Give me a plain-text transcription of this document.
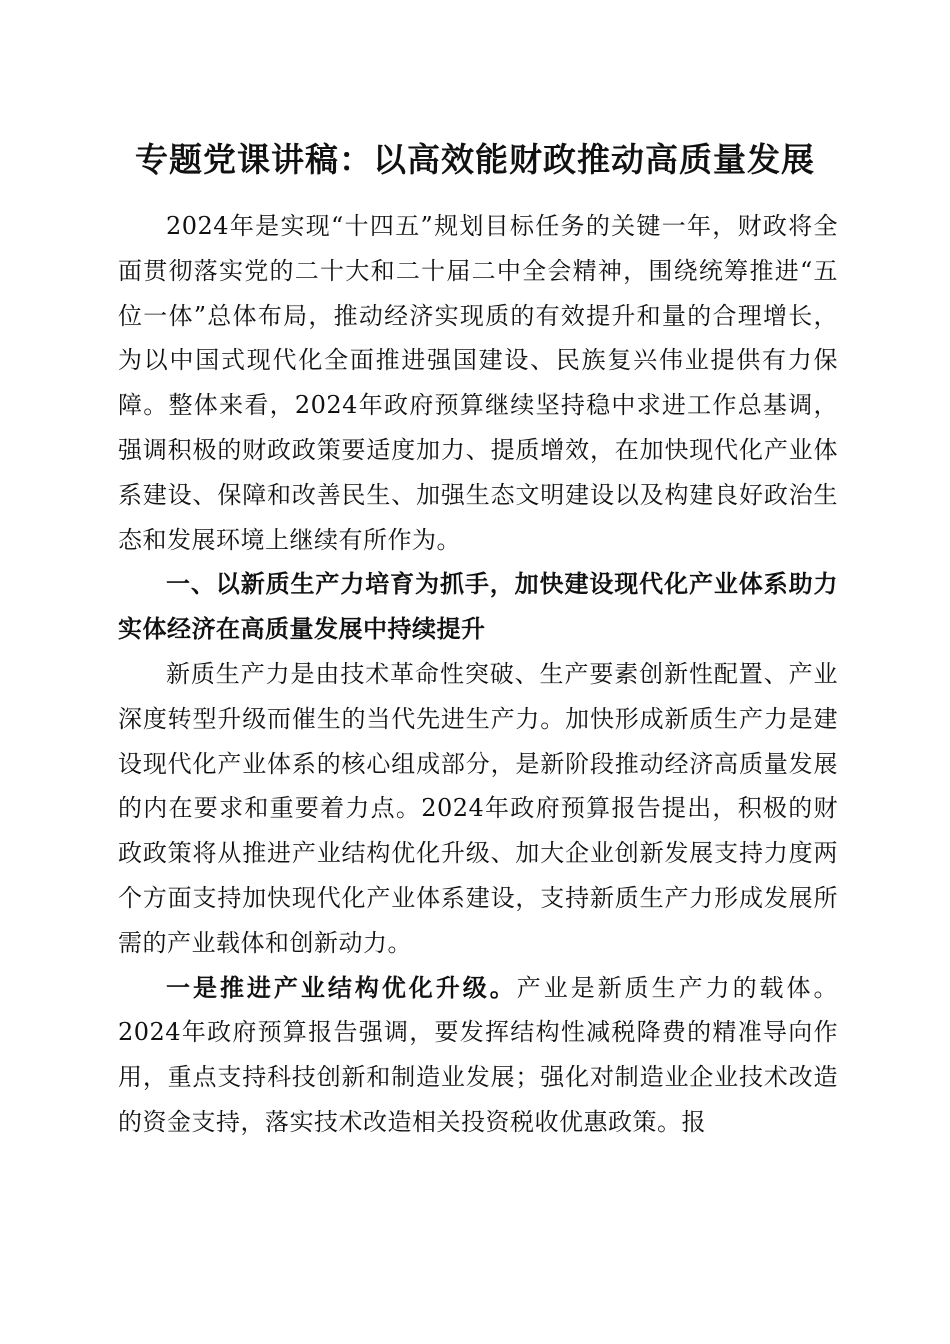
专题党课讲稿：以高效能财政推动高质量发展

2024年是实现“十四五”规划目标任务的关键一年，财政将全面贯彻落实党的二十大和二十届二中全会精神，围绕统筹推进“五位一体”总体布局，推动经济实现质的有效提升和量的合理增长，为以中国式现代化全面推进强国建设、民族复兴伟业提供有力保障。整体来看，2024年政府预算继续坚持稳中求进工作总基调，强调积极的财政政策要适度加力、提质增效，在加快现代化产业体系建设、保障和改善民生、加强生态文明建设以及构建良好政治生态和发展环境上继续有所作为。

一、以新质生产力培育为抓手，加快建设现代化产业体系助力实体经济在高质量发展中持续提升

新质生产力是由技术革命性突破、生产要素创新性配置、产业深度转型升级而催生的当代先进生产力。加快形成新质生产力是建设现代化产业体系的核心组成部分，是新阶段推动经济高质量发展的内在要求和重要着力点。2024年政府预算报告提出，积极的财政政策将从推进产业结构优化升级、加大企业创新发展支持力度两个方面支持加快现代化产业体系建设，支持新质生产力形成发展所需的产业载体和创新动力。

一是推进产业结构优化升级。产业是新质生产力的载体。2024年政府预算报告强调，要发挥结构性减税降费的精准导向作用，重点支持科技创新和制造业发展；强化对制造业企业技术改造的资金支持，落实技术改造相关投资税收优惠政策。报
